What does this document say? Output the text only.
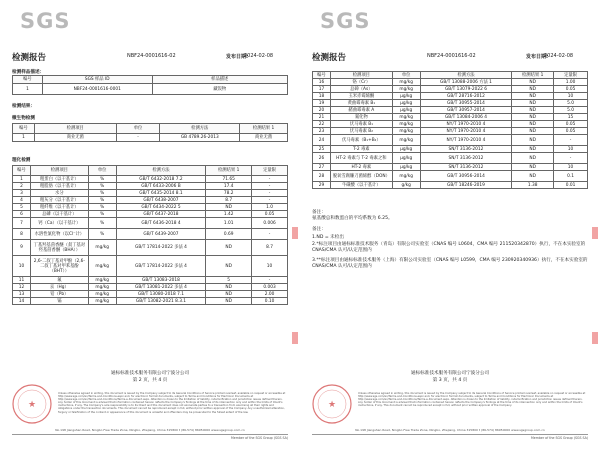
SGS
检测报告	NBF24-0001616-02	发布日期:
2024-02-08
检测样品描述：
编号	SGS 样品 ID	样品描述
1	NBF24-0001616-0001	藏饭物
检测结果：
微生物检测
编号	检测项目	单位	检测方法	检测结果 1
1	商业无菌	-	GB 4789.26-2013	商业无菌
理化检测
编号	检测项目	单位	检测方法	检测结果 1	定量限
1	粗蛋白（以干基计）	%	GB/T 6432-2018 7.2	71.65	-
2	粗脂肪（以干基计）	%	GB/T 6433-2006 B	17.4	-
3	水分	%	GB/T 6435-2014 8.1	78.2	-
4	粗灰分（以干基计）	%	GB/T 6438-2007	8.7	-
5	粗纤维（以干基计）	%	GB/T 6434-2022 5	ND	1.0
6	总磷（以干基计）	%	GB/T 6437-2018	1.42	0.05
7	钙（Ca）（以干基计）	%	GB/T 6436-2018 4	1.01	0.006
8	水溶性氯化物（以Cl⁻计）	%	GB/T 6439-2007	0.69	-
9	丁基羟基茴香醚（叔丁基对羟基茴香醚（BHA））	mg/kg	GB/T 17814-2022 多法 4	ND	8.7
10	2,6-二叔丁基对甲酚（2,6-二叔丁基对甲苯基酚（BHT））	mg/kg	GB/T 17814-2022 多法 4	ND	10
11	氟	mg/kg	GB/T 13083-2018	5	-
12	汞（Hg）	mg/kg	GB/T 13081-2022 多法 4	ND	0.003
13	铅（Pb）	mg/kg	GB/T 13080-2018 7.1	ND	2.00
14	镉	mg/kg	GB/T 13082-2021 8.3.1	ND	0.10
通标标准技术服务有限公司宁波分公司
第 2 页，共 4 页
★
Unless otherwise agreed in writing, this document is issued by the Company subject to its General Conditions of Service printed overleaf, available on request or accessible at http://www.sgs.com/en/Terms-and-Conditions.aspx and, for electronic format documents, subject to Terms and Conditions for Electronic Documents at http://www.sgs.com/en/Terms-and-Conditions/Terms-e-Document.aspx. Attention is drawn to the limitation of liability, indemnification and jurisdiction issues defined therein. Any holder of this document is advised that information contained hereon reflects the Company's findings at the time of its intervention only and within the limits of Client's instructions, if any. The Company's sole responsibility is to its Client and this document does not exonerate parties to a transaction from exercising all their rights and obligations under the transaction documents. This document cannot be reproduced except in full, without prior written approval of the Company. Any unauthorized alteration, forgery or falsification of the content or appearance of this document is unlawful and offenders may be prosecuted to the fullest extent of the law.
No.198 Jiangshan Road, Ningbo Free Trade Zone, Ningbo, Zhejiang, China 315800 t (86-574) 86950000 www.sgsgroup.com.cn
Member of the SGS Group (SGS SA)
SGS
检测报告	NBF24-0001616-02	发布日期:
2024-02-08
编号	检测项目	单位	检测方法	检测结果 1	定量限
16	铬（Cr）	mg/kg	GB/T 13088-2006 方法 1	ND	1.00
17	总砷（As）	mg/kg	GB/T 13079-2022 6	ND	0.05
18	玉米赤霉烯酮	μg/kg	GB/T 28716-2012	ND	10
19	黄曲霉毒素 B₁	μg/kg	GB/T 30955-2014	ND	5.0
20	赭曲霉毒素 A	μg/kg	GB/T 30957-2014	ND	5.0
21	氰化物	mg/kg	GB/T 13084-2006 4	ND	15
22	伏马毒素 B₁	mg/kg	NY/T 1970-2010 4	ND	0.05
23	伏马毒素 B₂	mg/kg	NY/T 1970-2010 4	ND	0.05
24	伏马毒素（B₁+B₂）	mg/kg	NY/T 1970-2010 4	ND	-
25	T-2 毒素	μg/kg	SN/T 3136-2012	ND	10
26	HT-2 毒素与 T-2 毒素之和	μg/kg	SN/T 3136-2012	ND	-
27	HT-2 毒素	μg/kg	SN/T 3136-2012	ND	10
28	脱氧雪腐镰刀菌烯醇（DON）	mg/kg	GB/T 30956-2014	ND	0.1
29	牛磺酸（以干基计）	g/kg	GB/T 18246-2019	1.38	0.01
备注：
氨基酸总和数蛋白的平均系数为 6.25。
备注：
1.ND = 未检出
2.*标注项目由通标标准技术服务（青岛）有限公司实验室（CNAS 编号 L0604，CMA 编号 211520342870）执行，不在本实验室的 CNAS/CMA 认可/认定范围内
3.**标注项目由通标标准技术服务（上海）有限公司实验室（CNAS 编号 L0599，CMA 编号 230920340936）执行，不在本实验室的 CNAS/CMA 认可/认定范围内
通标标准技术服务有限公司宁波分公司
第 3 页，共 4 页
★
Unless otherwise agreed in writing, this document is issued by the Company subject to its General Conditions of Service printed overleaf, available on request or accessible at http://www.sgs.com/en/Terms-and-Conditions.aspx and, for electronic format documents, subject to Terms and Conditions for Electronic Documents at http://www.sgs.com/en/Terms-and-Conditions/Terms-e-Document.aspx. Attention is drawn to the limitation of liability, indemnification and jurisdiction issues defined therein. Any holder of this document is advised that information contained hereon reflects the Company's findings at the time of its intervention only and within the limits of Client's instructions, if any. This document cannot be reproduced except in full, without prior written approval of the Company.
No.198 Jiangshan Road, Ningbo Free Trade Zone, Ningbo, Zhejiang, China 315800 t (86-574) 86950000 www.sgsgroup.com.cn
Member of the SGS Group (SGS SA)
